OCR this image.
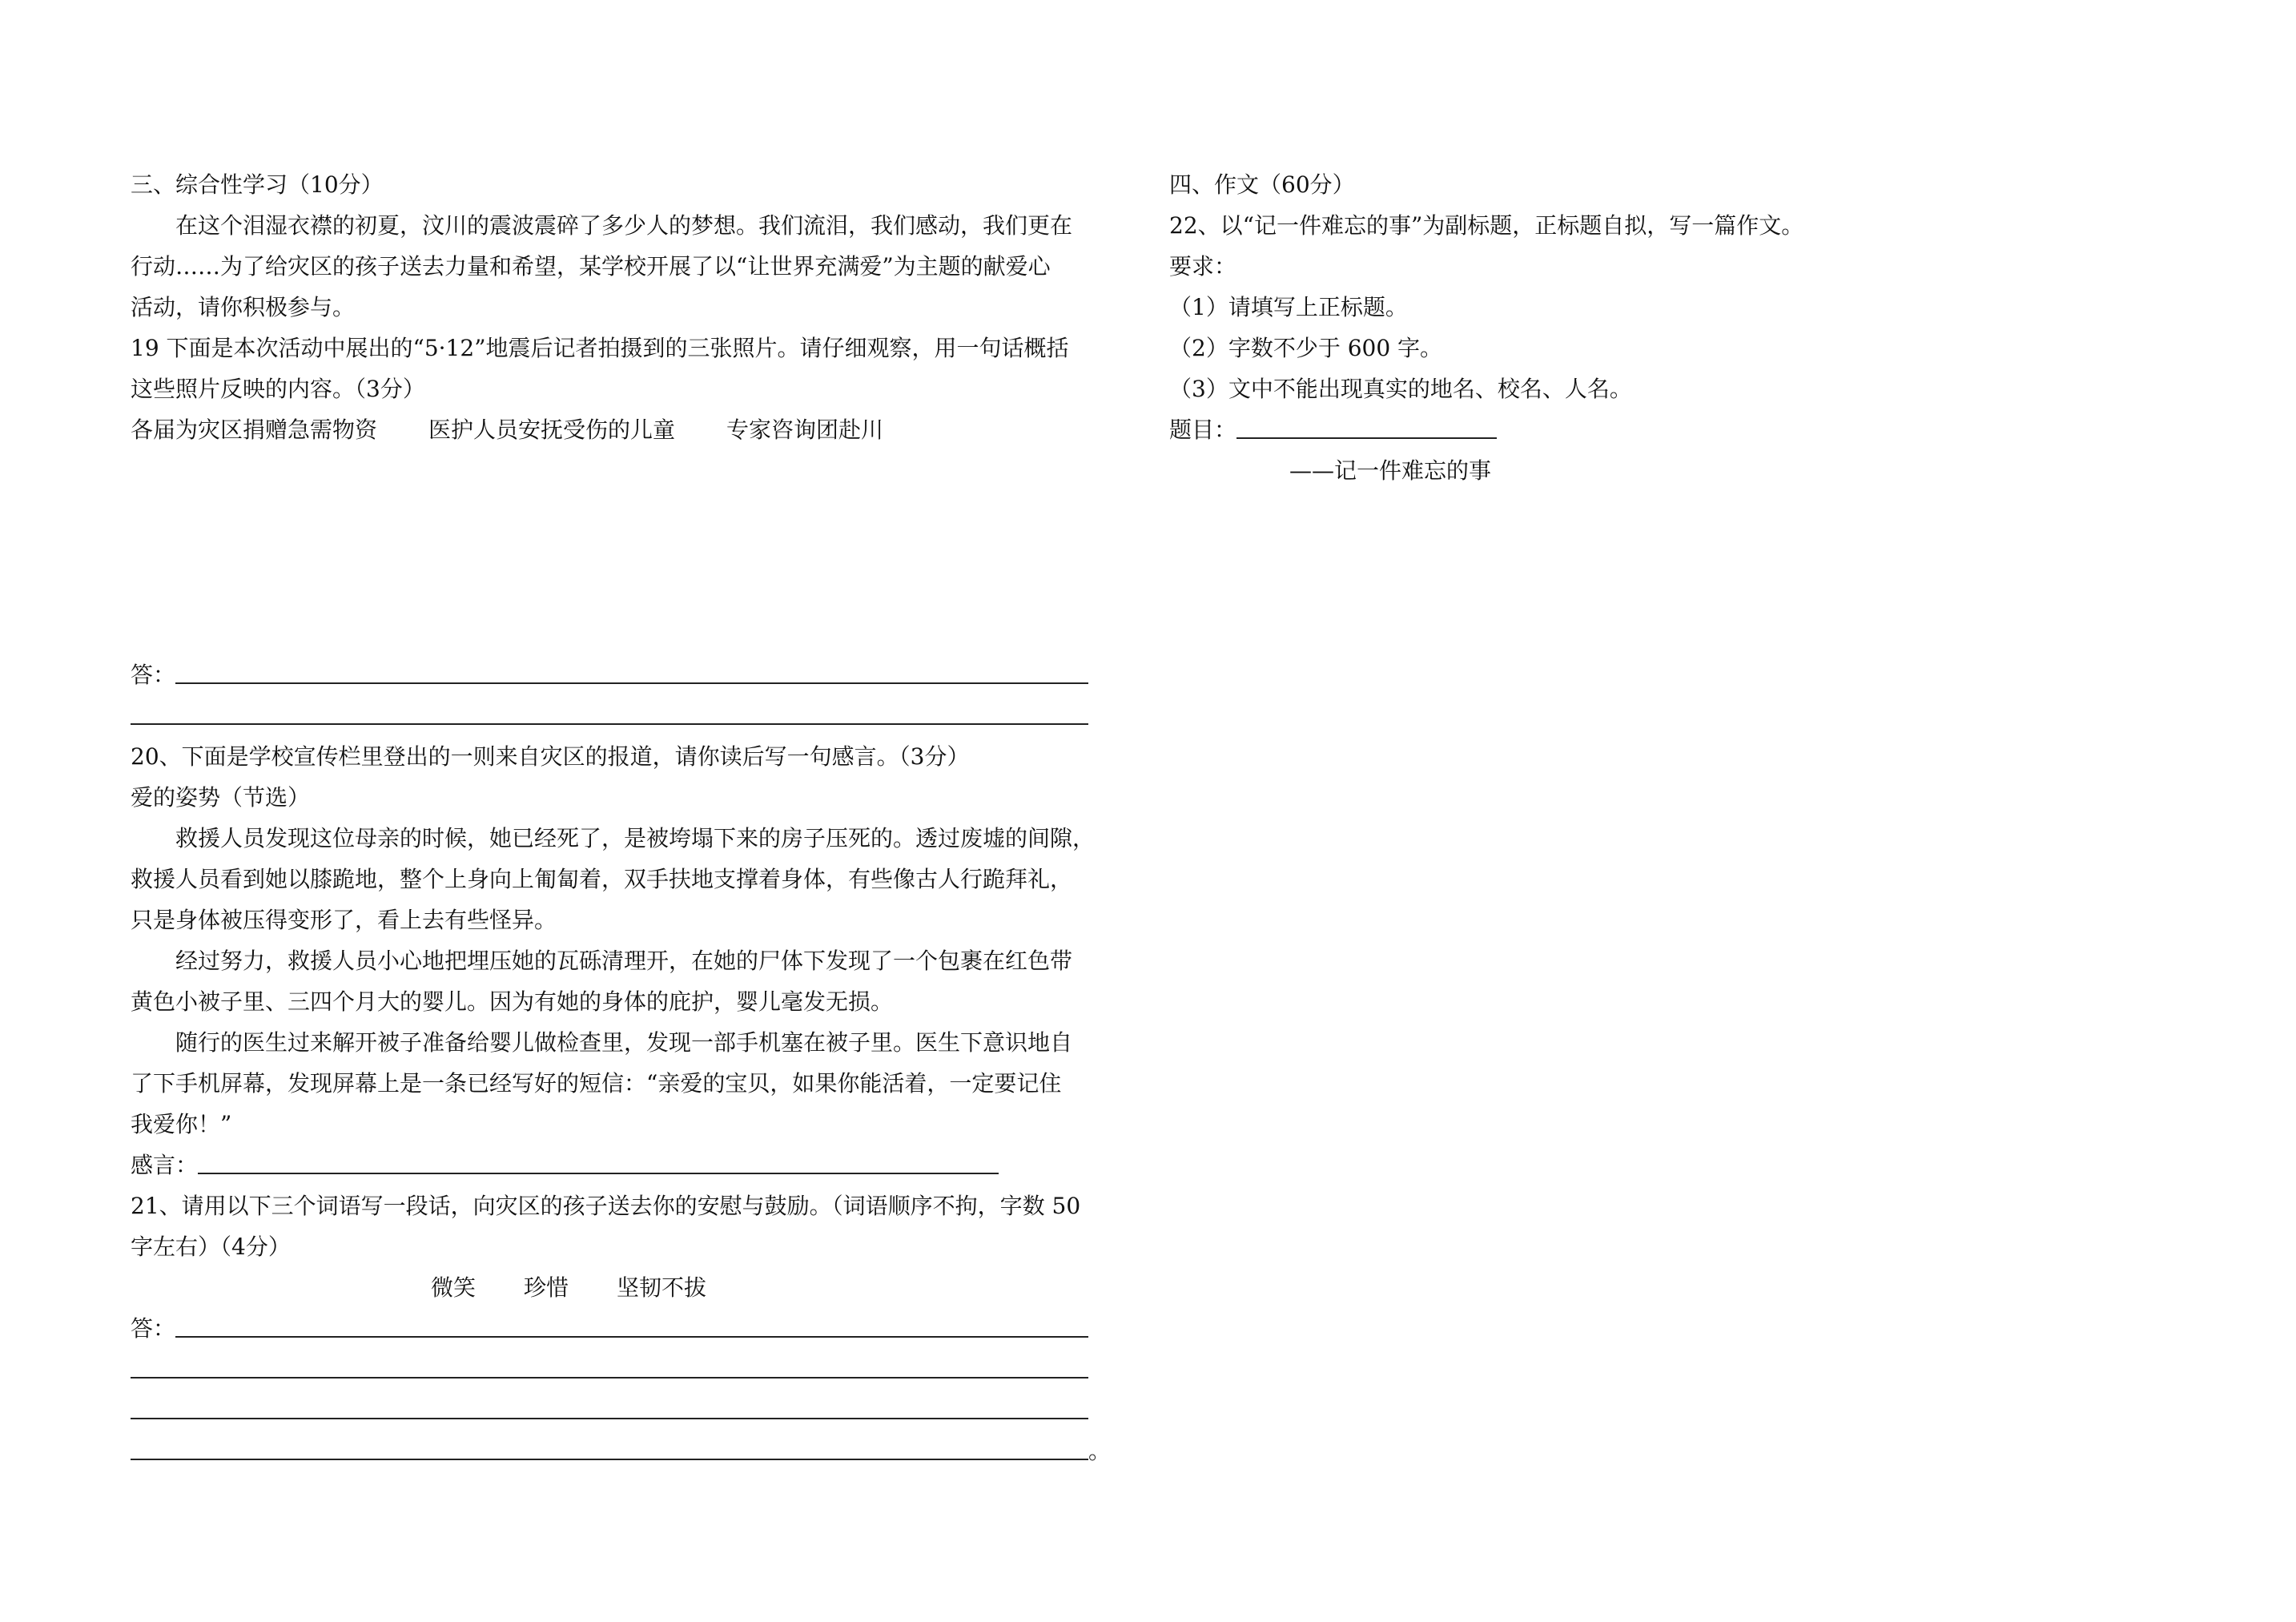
三、综合性学习（10分）
在这个泪湿衣襟的初夏，汶川的震波震碎了多少人的梦想。我们流泪，我们感动，我们更在
行动……为了给灾区的孩子送去力量和希望，某学校开展了以“让世界充满爱”为主题的献爱心
活动，请你积极参与。
19 下面是本次活动中展出的“5·12”地震后记者拍摄到的三张照片。请仔细观察，用一句话概括
这些照片反映的内容。（3分）
各届为灾区捐赠急需物资 医护人员安抚受伤的儿童 专家咨询团赴川
答：
20、下面是学校宣传栏里登出的一则来自灾区的报道，请你读后写一句感言。（3分）
爱的姿势（节选）
救援人员发现这位母亲的时候，她已经死了，是被垮塌下来的房子压死的。透过废墟的间隙，
救援人员看到她以膝跪地，整个上身向上匍匐着，双手扶地支撑着身体，有些像古人行跪拜礼，
只是身体被压得变形了，看上去有些怪异。
经过努力，救援人员小心地把埋压她的瓦砾清理开，在她的尸体下发现了一个包裹在红色带
黄色小被子里、三四个月大的婴儿。因为有她的身体的庇护，婴儿毫发无损。
随行的医生过来解开被子准备给婴儿做检查里，发现一部手机塞在被子里。医生下意识地自
了下手机屏幕，发现屏幕上是一条已经写好的短信：“亲爱的宝贝，如果你能活着，一定要记住
我爱你！”
感言：
21、请用以下三个词语写一段话，向灾区的孩子送去你的安慰与鼓励。（词语顺序不拘，字数 50
字左右）（4分）
微笑 珍惜 坚韧不拔
答：
。
四、作文（60分）
22、以“记一件难忘的事”为副标题，正标题自拟，写一篇作文。
要求：
（1）请填写上正标题。
（2）字数不少于 600 字。
（3）文中不能出现真实的地名、校名、人名。
题目：
——记一件难忘的事
